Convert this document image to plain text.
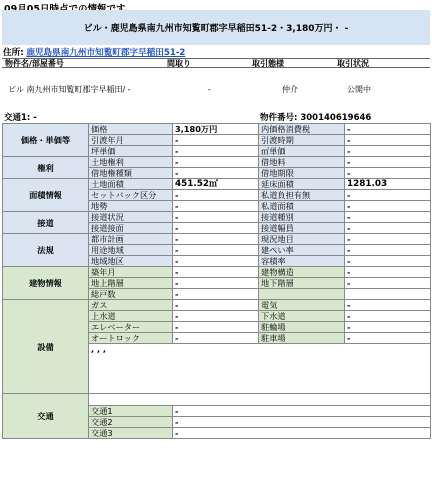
ビル・鹿児島県南九州市知覧町郡字早稲田51-2・3,180万円・ -
住所: 鹿児島県南九州市知覧町郡字早稲田51-2
物件名/部屋番号	間取り	取引態様	取引状況
ビル 南九州市知覧町郡字早稲田/ -	-	仲介	公開中
交通1: -	物件番号: 300140619646
価格・単価等	価格	3,180万円	内価格消費税	-
	引渡年月	-	引渡時期	-
	坪単価	-	㎡単価	-
権利	土地権利	-	借地料	-
	借地権種類	-	借地期限	-
面積情報	土地面積	451.52㎡	延床面積	1281.03
	セットバック区分	-	私道負担有無	-
	地勢	-	私道面積	-
接道	接道状況	-	接道種別	-
	接道接面	-	接道幅員	-
法規	都市計画	-	現況地目	-
	用途地域	-	建ぺい率	-
	地域地区	-	容積率	-
建物情報	築年月	-	建物構造	-
	地上階層	-	地下階層	-
	総戸数	-		
設備	ガス	-	電気	-
	上水道	-	下水道	-
	エレベーター	-	駐輪場	-
	オートロック	-	駐車場	-
	, , ,			
交通				
	交通1	-		
	交通2	-		
	交通3	-		
